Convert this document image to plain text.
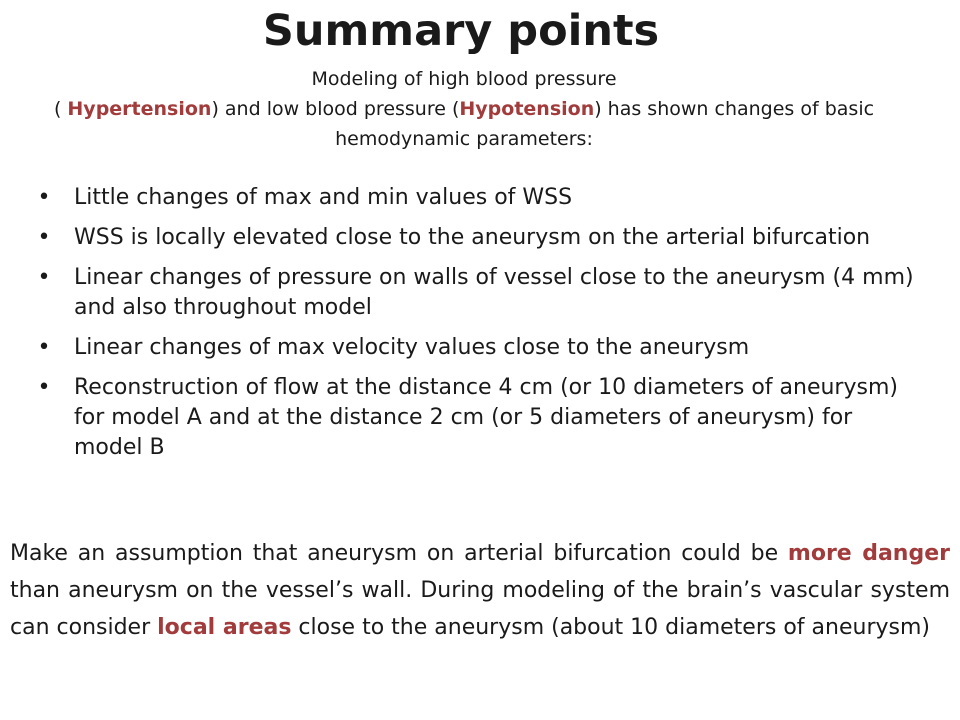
Summary points
Modeling of high blood pressure
( Hypertension) and low blood pressure (Hypotension) has shown changes of basic hemodynamic parameters:
• Little changes of max and min values of WSS
• WSS is locally elevated close to the aneurysm on the arterial bifurcation
• Linear changes of pressure on walls of vessel close to the aneurysm (4 mm) and also throughout model
• Linear changes of max velocity values close to the aneurysm
• Reconstruction of flow at the distance 4 cm (or 10 diameters of aneurysm) for model A and at the distance 2 cm (or 5 diameters of aneurysm) for model B
Make an assumption that aneurysm on arterial bifurcation could be more danger than aneurysm on the vessel’s wall. During modeling of the brain’s vascular system can consider local areas close to the aneurysm (about 10 diameters of aneurysm)
